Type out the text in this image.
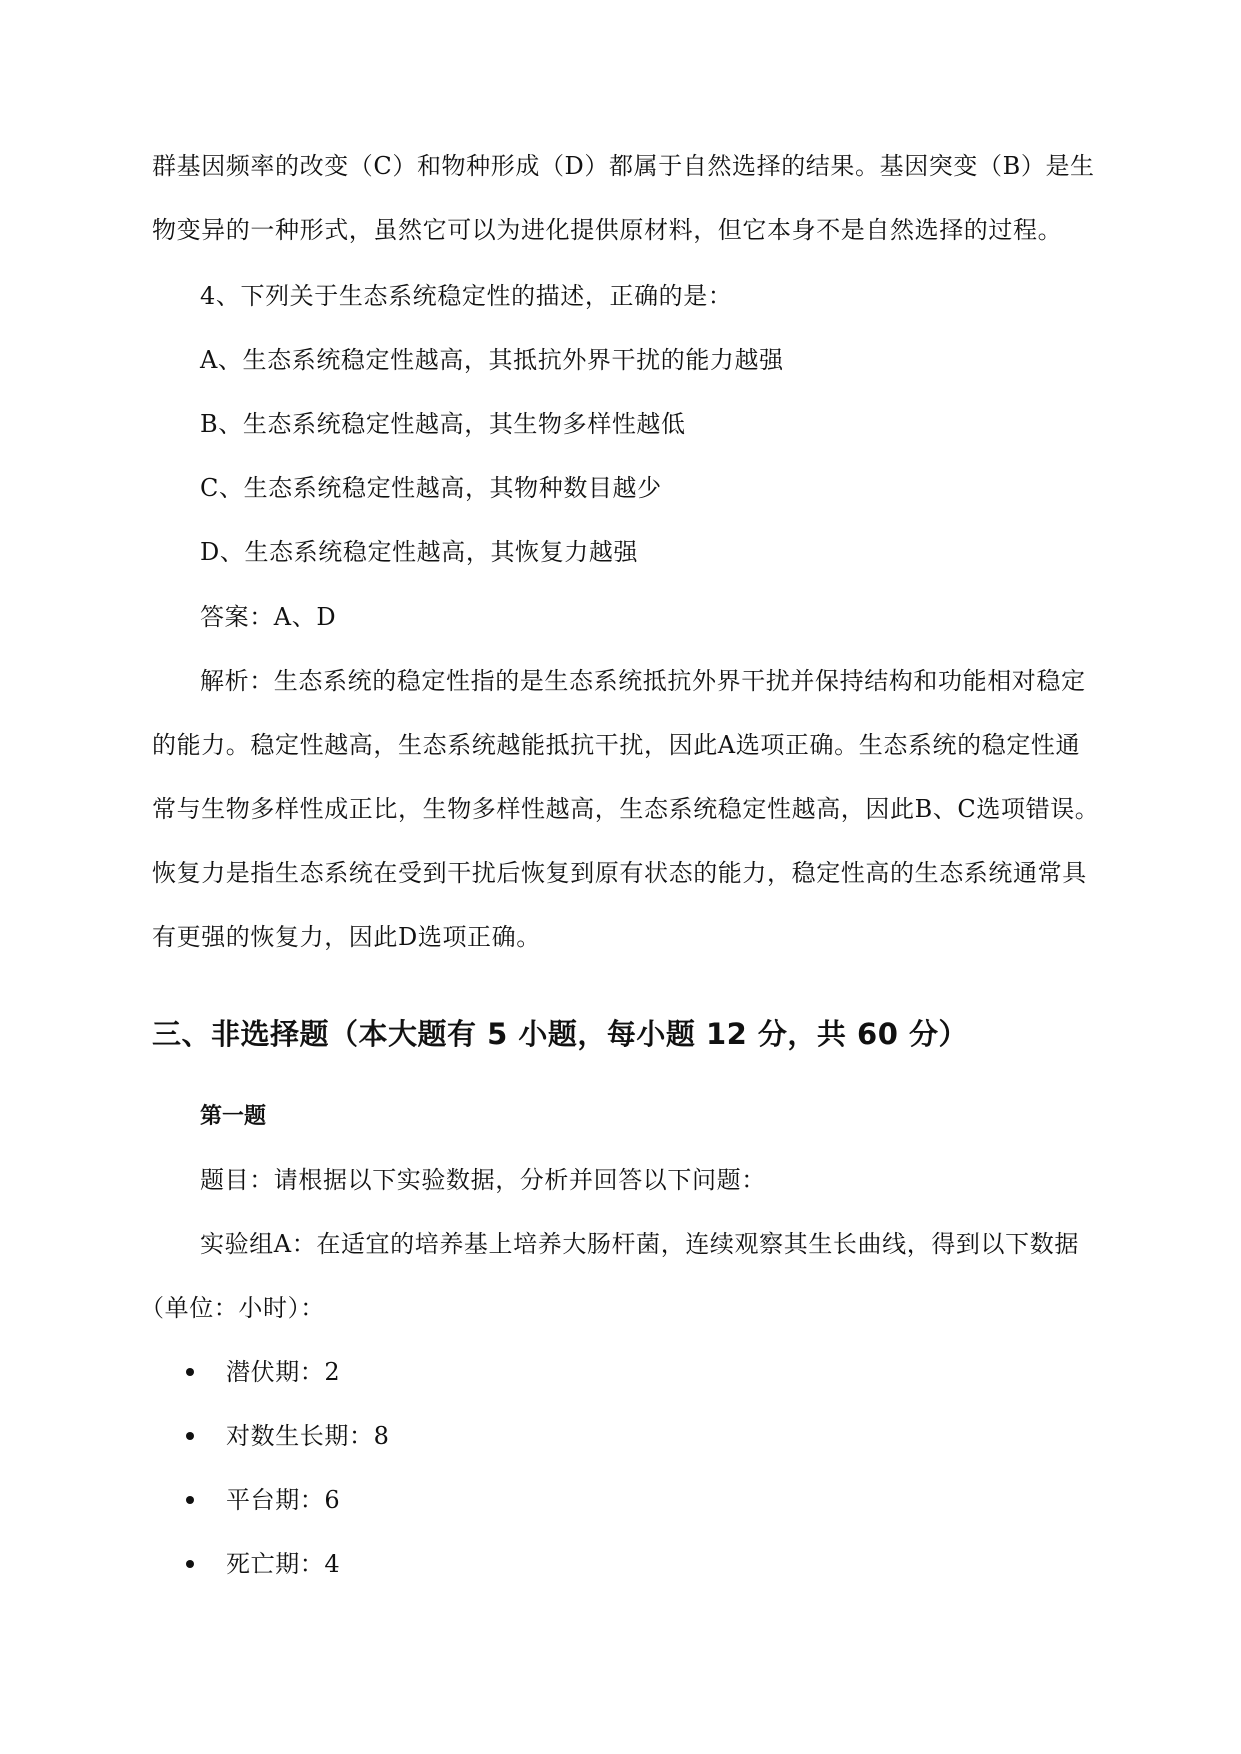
群基因频率的改变（C）和物种形成（D）都属于自然选择的结果。基因突变（B）是生
物变异的一种形式，虽然它可以为进化提供原材料，但它本身不是自然选择的过程。
4、下列关于生态系统稳定性的描述，正确的是：
A、生态系统稳定性越高，其抵抗外界干扰的能力越强
B、生态系统稳定性越高，其生物多样性越低
C、生态系统稳定性越高，其物种数目越少
D、生态系统稳定性越高，其恢复力越强
答案：A、D
解析：生态系统的稳定性指的是生态系统抵抗外界干扰并保持结构和功能相对稳定
的能力。稳定性越高，生态系统越能抵抗干扰，因此A选项正确。生态系统的稳定性通
常与生物多样性成正比，生物多样性越高，生态系统稳定性越高，因此B、C选项错误。
恢复力是指生态系统在受到干扰后恢复到原有状态的能力，稳定性高的生态系统通常具
有更强的恢复力，因此D选项正确。
三、非选择题（本大题有 5 小题，每小题 12 分，共 60 分）
第一题
题目：请根据以下实验数据，分析并回答以下问题：
实验组A：在适宜的培养基上培养大肠杆菌，连续观察其生长曲线，得到以下数据
（单位：小时）：
潜伏期：2
对数生长期：8
平台期：6
死亡期：4
